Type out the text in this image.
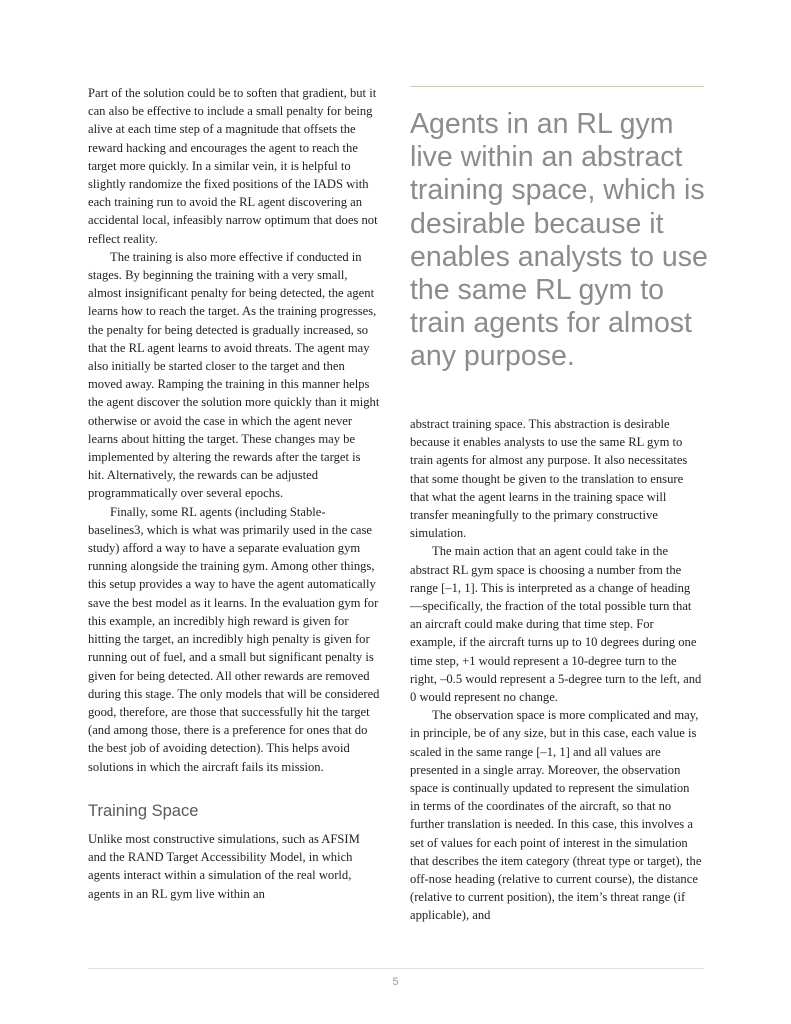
Part of the solution could be to soften that gradient, but it can also be effective to include a small penalty for being alive at each time step of a magnitude that offsets the reward hacking and encourages the agent to reach the target more quickly. In a similar vein, it is helpful to slightly randomize the fixed positions of the IADS with each training run to avoid the RL agent discovering an accidental local, infeasibly narrow optimum that does not reflect reality.

The training is also more effective if conducted in stages. By beginning the training with a very small, almost insignificant penalty for being detected, the agent learns how to reach the target. As the training progresses, the penalty for being detected is gradually increased, so that the RL agent learns to avoid threats. The agent may also initially be started closer to the target and then moved away. Ramping the training in this manner helps the agent discover the solution more quickly than it might otherwise or avoid the case in which the agent never learns about hitting the target. These changes may be implemented by altering the rewards after the target is hit. Alternatively, the rewards can be adjusted programmatically over several epochs.

Finally, some RL agents (including Stable-baselines3, which is what was primarily used in the case study) afford a way to have a separate evaluation gym running alongside the training gym. Among other things, this setup provides a way to have the agent automatically save the best model as it learns. In the evaluation gym for this example, an incredibly high reward is given for hitting the target, an incredibly high penalty is given for running out of fuel, and a small but significant penalty is given for being detected. All other rewards are removed during this stage. The only models that will be considered good, therefore, are those that successfully hit the target (and among those, there is a preference for ones that do the best job of avoiding detection). This helps avoid solutions in which the aircraft fails its mission.

Training Space

Unlike most constructive simulations, such as AFSIM and the RAND Target Accessibility Model, in which agents interact within a simulation of the real world, agents in an RL gym live within an

Agents in an RL gym live within an abstract training space, which is desirable because it enables analysts to use the same RL gym to train agents for almost any purpose.

abstract training space. This abstraction is desirable because it enables analysts to use the same RL gym to train agents for almost any purpose. It also necessitates that some thought be given to the translation to ensure that what the agent learns in the training space will transfer meaningfully to the primary constructive simulation.

The main action that an agent could take in the abstract RL gym space is choosing a number from the range [–1, 1]. This is interpreted as a change of heading—specifically, the fraction of the total possible turn that an aircraft could make during that time step. For example, if the aircraft turns up to 10 degrees during one time step, +1 would represent a 10-degree turn to the right, –0.5 would represent a 5-degree turn to the left, and 0 would represent no change.

The observation space is more complicated and may, in principle, be of any size, but in this case, each value is scaled in the same range [–1, 1] and all values are presented in a single array. Moreover, the observation space is continually updated to represent the simulation in terms of the coordinates of the aircraft, so that no further translation is needed. In this case, this involves a set of values for each point of interest in the simulation that describes the item category (threat type or target), the off-nose heading (relative to current course), the distance (relative to current position), the item’s threat range (if applicable), and

5
